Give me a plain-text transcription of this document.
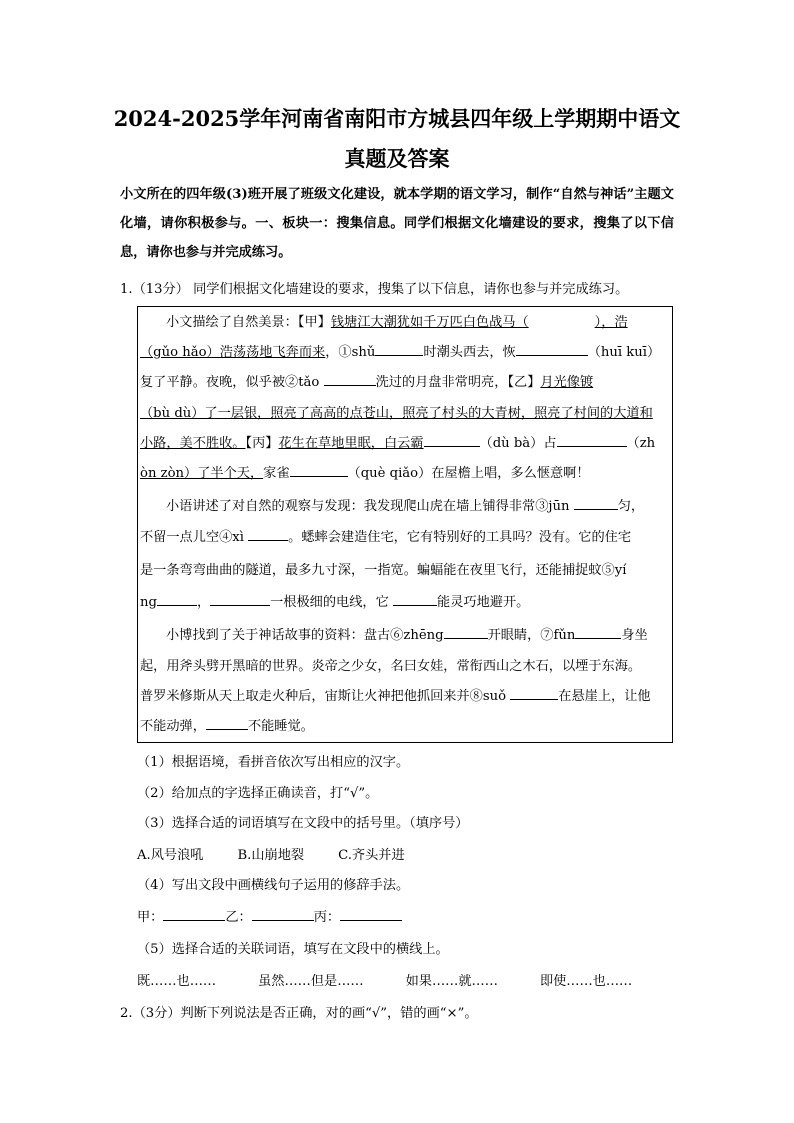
2024-2025学年河南省南阳市方城县四年级上学期期中语文
真题及答案
小文所在的四年级(3)班开展了班级文化建设，就本学期的语文学习，制作“自然与神话”主题文化墙，请你积极参与。一、板块一：搜集信息。同学们根据文化墙建设的要求，搜集了以下信息，请你也参与并完成练习。
1.（13分） 同学们根据文化墙建设的要求，搜集了以下信息，请你也参与并完成练习。
小文描绘了自然美景：【甲】钱塘江大潮犹如千万匹白色战马（	），浩
（gǔo hǎo）浩荡荡地飞奔而来，①shǔ	时潮头西去，恢	（huī kuī）
复了平静。夜晚，似乎被②tǎo	洗过的月盘非常明亮，【乙】月光像镀
（bù dù）了一层银，照亮了高高的点苍山，照亮了村头的大青树，照亮了村间的大道和
小路，美不胜收。【丙】花生在草地里眠，白云霸	（dù bà）占	（zh
òn zòn）了半个天，家雀	（què qiǎo）在屋檐上唱，多么惬意啊！
小语讲述了对自然的观察与发现：我发现爬山虎在墙上铺得非常③jūn	匀，
不留一点儿空④xì	。蟋蟀会建造住宅，它有特别好的工具吗？没有。它的住宅
是一条弯弯曲曲的隧道，最多九寸深，一指宽。蝙蝠能在夜里飞行，还能捕捉蚊⑤yí
ng	，	一根极细的电线，它	能灵巧地避开。
小博找到了关于神话故事的资料：盘古⑥zhēng	开眼睛，⑦fǔn	身坐
起，用斧头劈开黑暗的世界。炎帝之少女，名曰女娃，常衔西山之木石，以堙于东海。
普罗米修斯从天上取走火种后，宙斯让火神把他抓回来并⑧suǒ	在悬崖上，让他
不能动弹，	不能睡觉。
（1）根据语境，看拼音依次写出相应的汉字。
（2）给加点的字选择正确读音，打“√”。
（3）选择合适的词语填写在文段中的括号里。（填序号）
A.风号浪吼	B.山崩地裂	C.齐头并进
（4）写出文段中画横线句子运用的修辞手法。
甲：	乙：	丙：
（5）选择合适的关联词语，填写在文段中的横线上。
既……也……	虽然……但是……	如果……就……	即使……也……
2.（3分）判断下列说法是否正确，对的画“√”，错的画“×”。
